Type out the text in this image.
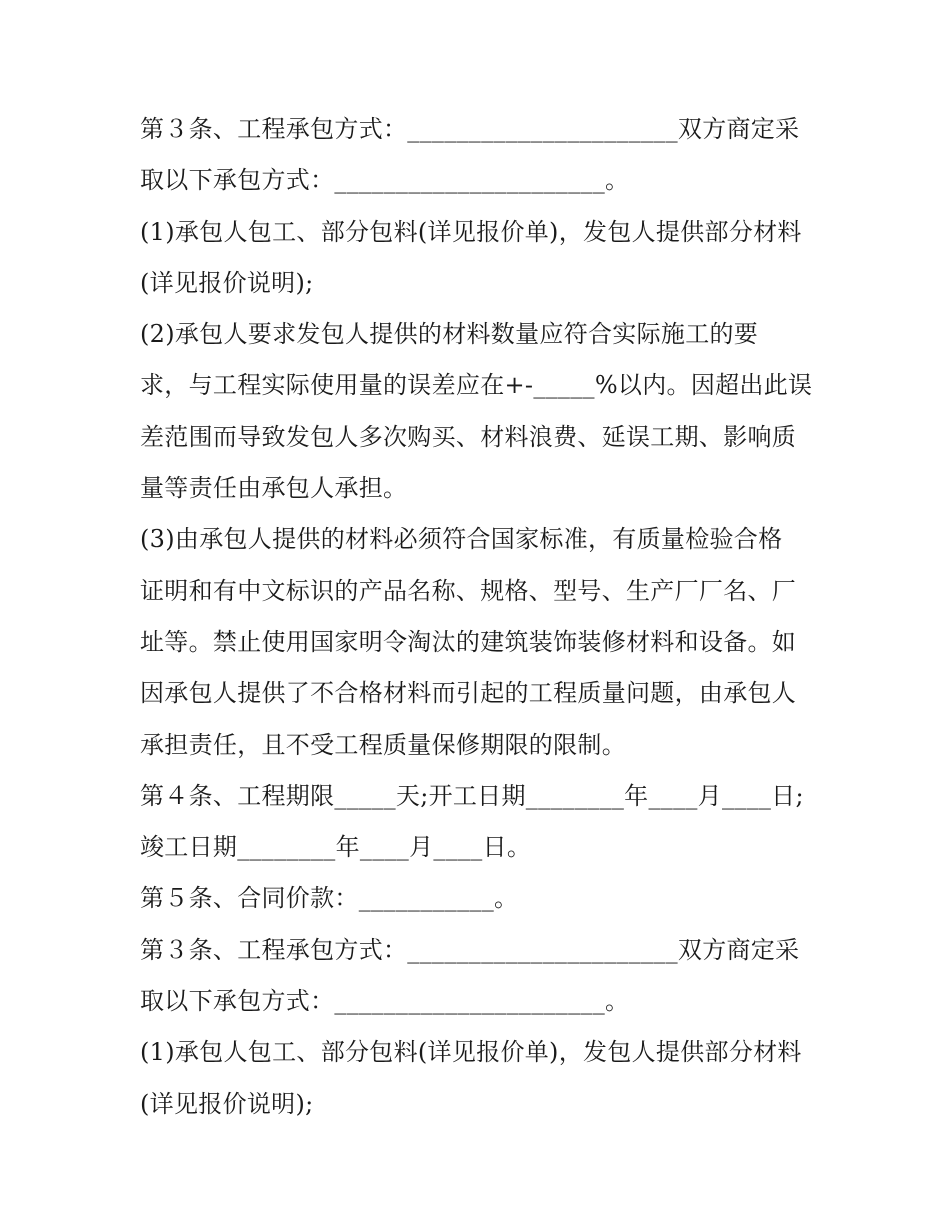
第３条、工程承包方式：______________________双方商定采
取以下承包方式：______________________。
(1)承包人包工、部分包料(详见报价单)，发包人提供部分材料
(详见报价说明);
(2)承包人要求发包人提供的材料数量应符合实际施工的要
求，与工程实际使用量的误差应在+-_____%以内。因超出此误
差范围而导致发包人多次购买、材料浪费、延误工期、影响质
量等责任由承包人承担。
(3)由承包人提供的材料必须符合国家标准，有质量检验合格
证明和有中文标识的产品名称、规格、型号、生产厂厂名、厂
址等。禁止使用国家明令淘汰的建筑装饰装修材料和设备。如
因承包人提供了不合格材料而引起的工程质量问题，由承包人
承担责任，且不受工程质量保修期限的限制。
第４条、工程期限_____天;开工日期________年____月____日;
竣工日期________年____月____日。
第５条、合同价款：___________。
第３条、工程承包方式：______________________双方商定采
取以下承包方式：______________________。
(1)承包人包工、部分包料(详见报价单)，发包人提供部分材料
(详见报价说明);
